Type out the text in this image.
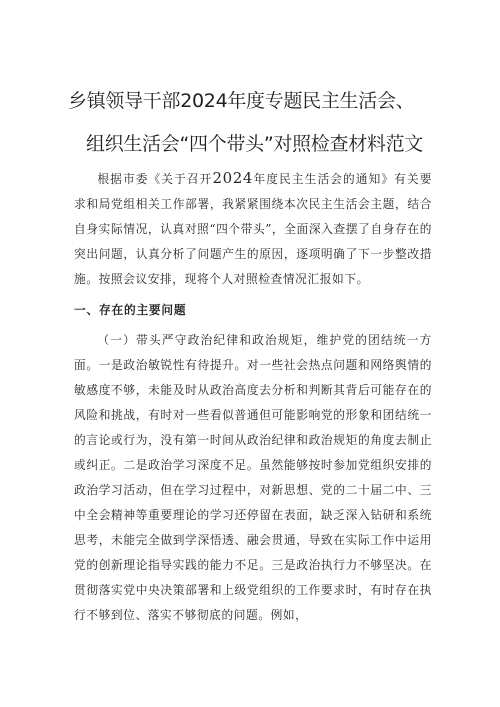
乡镇领导干部2024年度专题民主生活会、
组织生活会“四个带头”对照检查材料范文

根据市委《关于召开2024年度民主生活会的通知》有关要求和局党组相关工作部署，我紧紧围绕本次民主生活会主题，结合自身实际情况，认真对照“四个带头”，全面深入查摆了自身存在的突出问题，认真分析了问题产生的原因，逐项明确了下一步整改措施。按照会议安排，现将个人对照检查情况汇报如下。

一、存在的主要问题

（一）带头严守政治纪律和政治规矩，维护党的团结统一方面。一是政治敏锐性有待提升。对一些社会热点问题和网络舆情的敏感度不够，未能及时从政治高度去分析和判断其背后可能存在的风险和挑战，有时对一些看似普通但可能影响党的形象和团结统一的言论或行为，没有第一时间从政治纪律和政治规矩的角度去制止或纠正。二是政治学习深度不足。虽然能够按时参加党组织安排的政治学习活动，但在学习过程中，对新思想、党的二十届二中、三中全会精神等重要理论的学习还停留在表面，缺乏深入钻研和系统思考，未能完全做到学深悟透、融会贯通，导致在实际工作中运用党的创新理论指导实践的能力不足。三是政治执行力不够坚决。在贯彻落实党中央决策部署和上级党组织的工作要求时，有时存在执行不够到位、落实不够彻底的问题。例如，
